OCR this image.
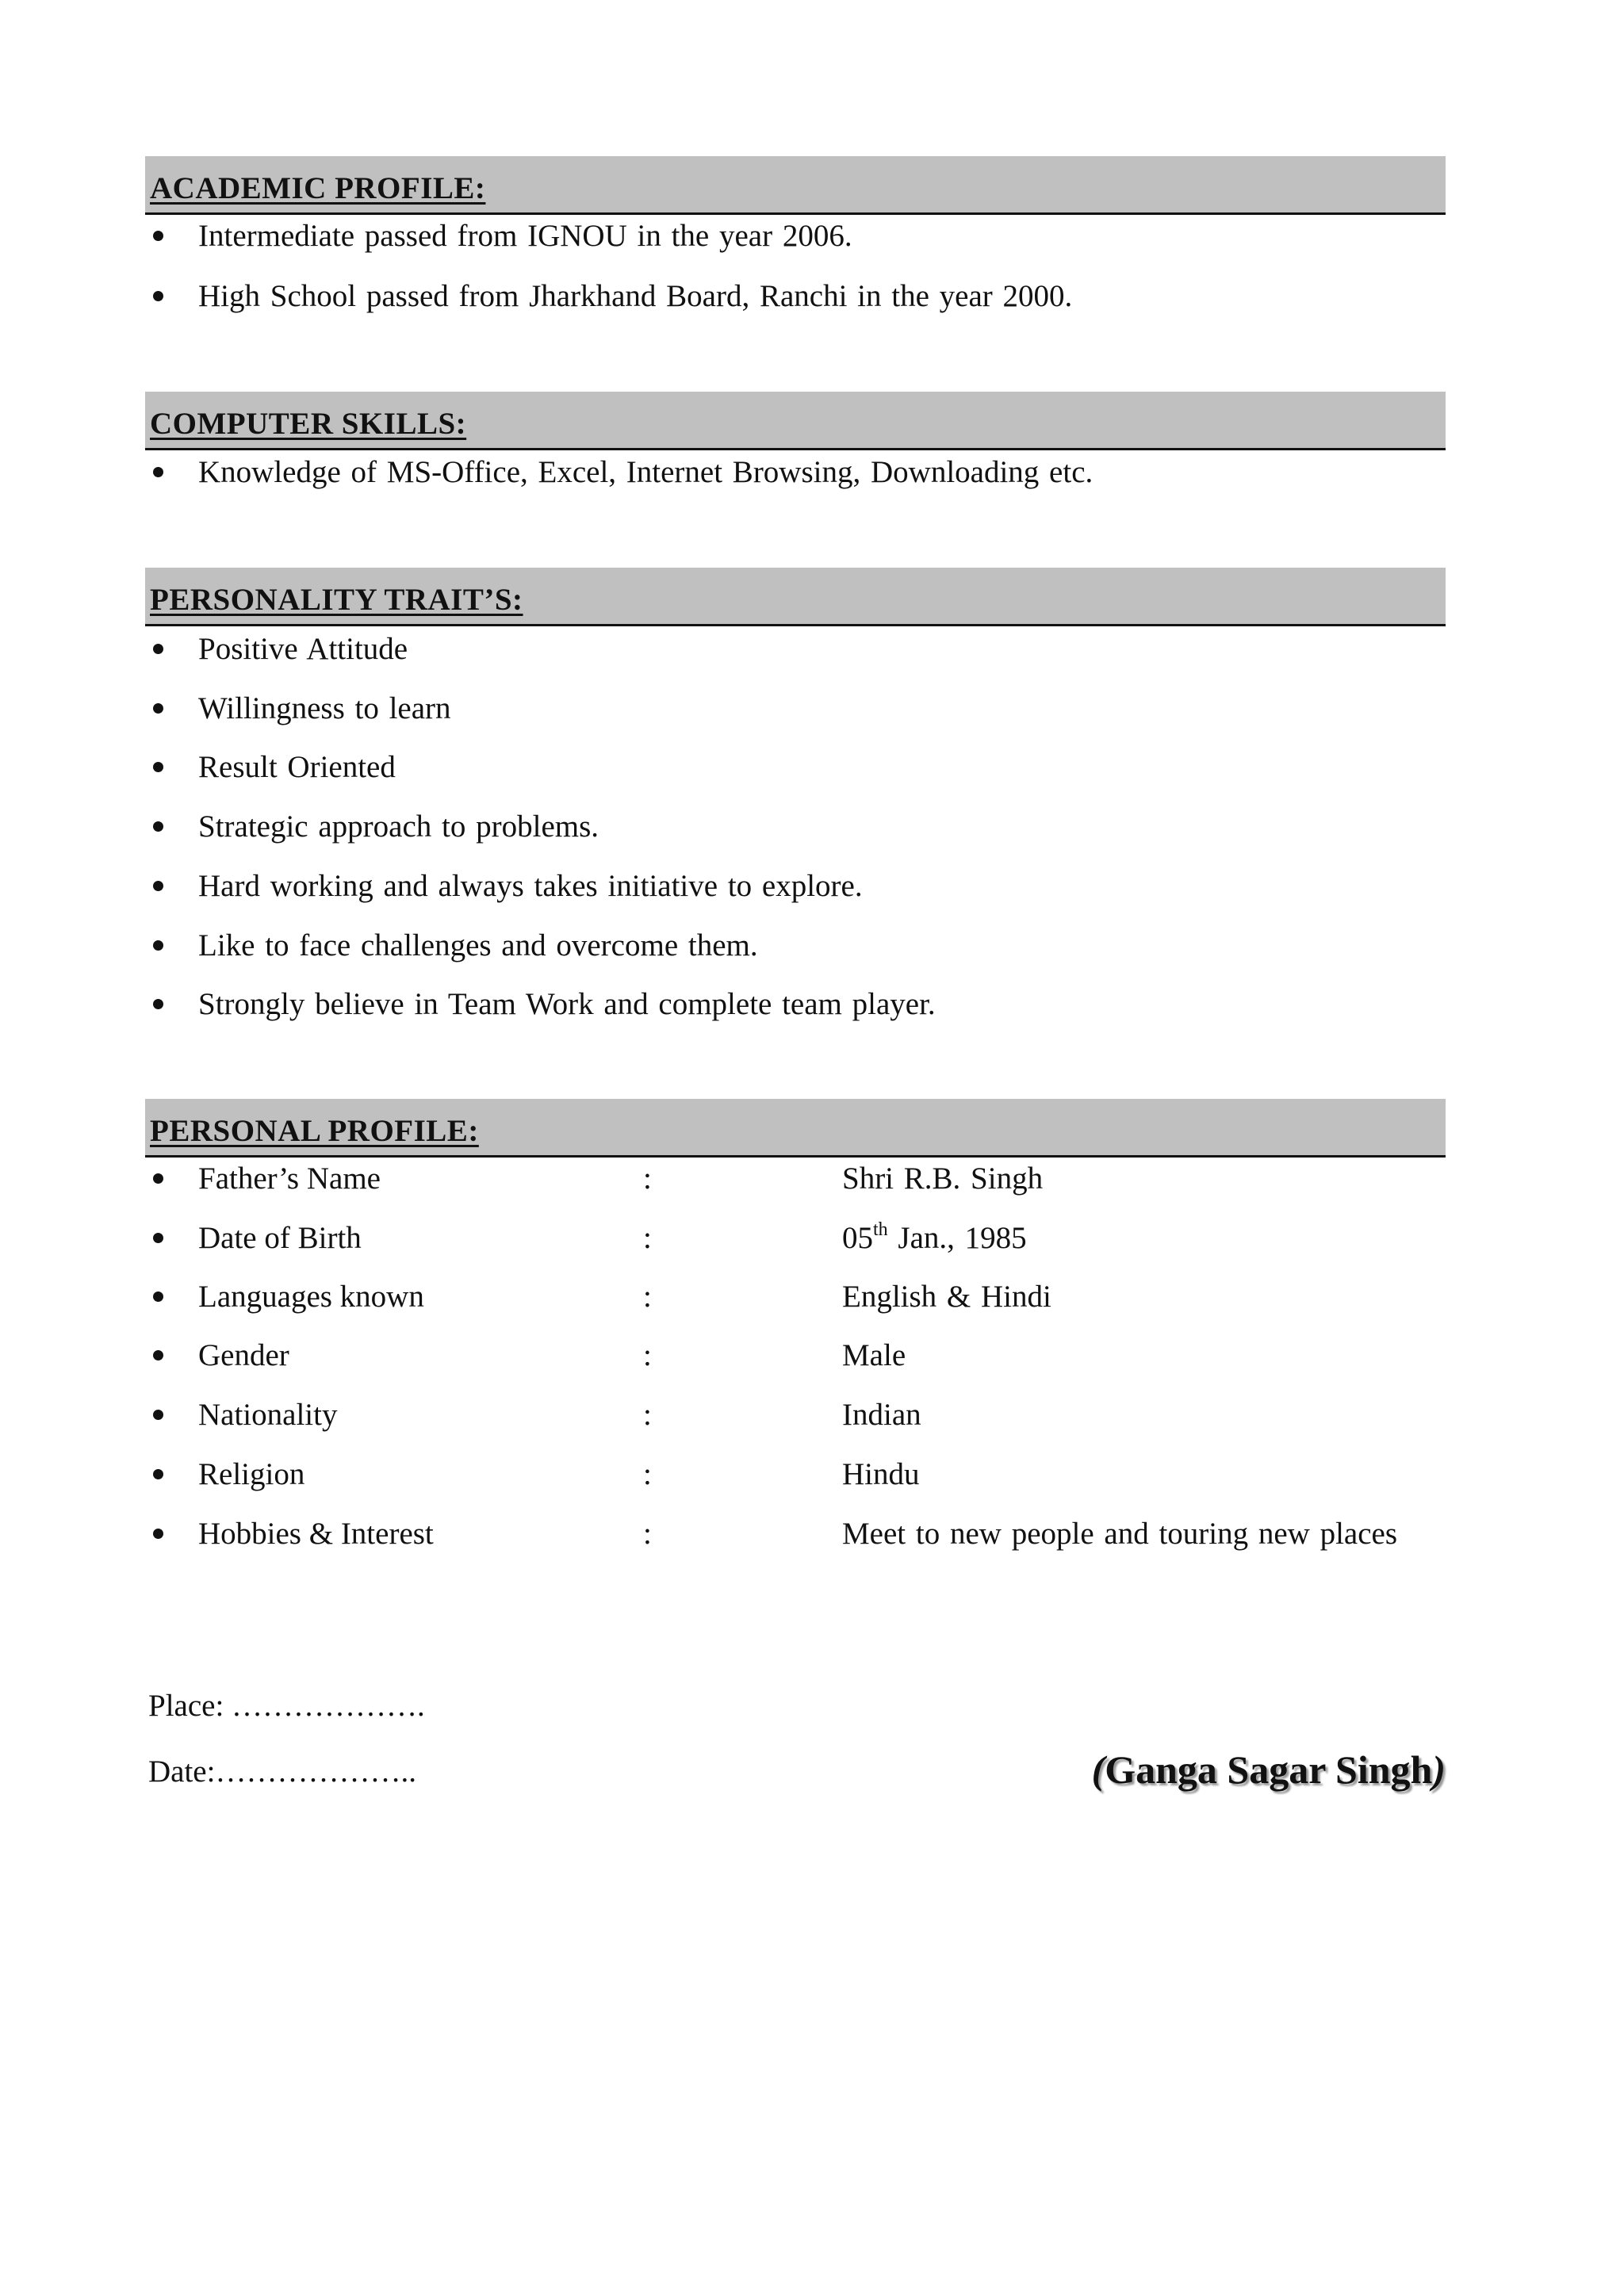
ACADEMIC PROFILE:
Intermediate passed from IGNOU in the year 2006.
High School passed from Jharkhand Board, Ranchi in the year 2000.
COMPUTER SKILLS:
Knowledge of MS-Office, Excel, Internet Browsing, Downloading etc.
PERSONALITY TRAIT’S:
Positive Attitude
Willingness to learn
Result Oriented
Strategic approach to problems.
Hard working and always takes initiative to explore.
Like to face challenges and overcome them.
Strongly believe in Team Work and complete team player.
PERSONAL PROFILE:
Father’s Name	:	Shri R.B. Singh
Date of Birth	:	05th Jan., 1985
Languages known	:	English & Hindi
Gender	:	Male
Nationality	:	Indian
Religion	:	Hindu
Hobbies & Interest	:	Meet to new people and touring new places
Place: ……………….
Date:………………..	(Ganga Sagar Singh)
